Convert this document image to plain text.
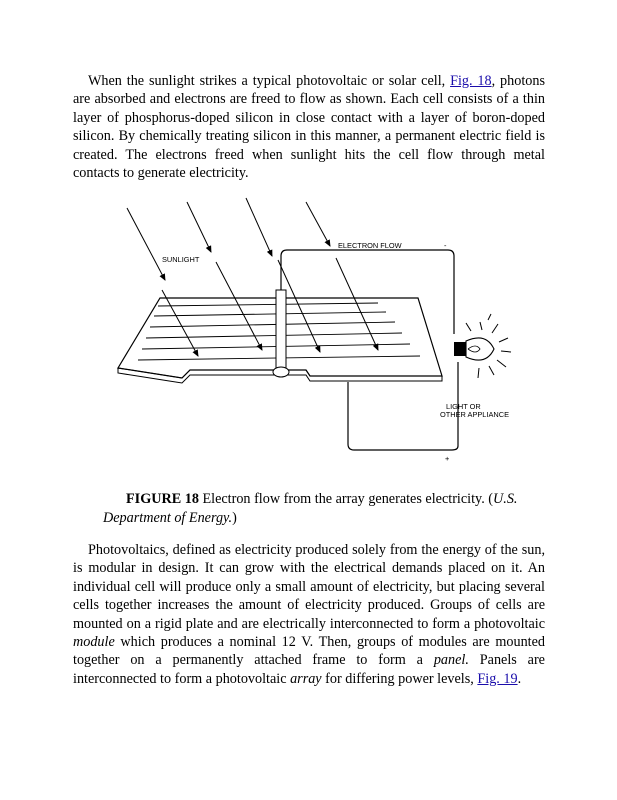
When the sunlight strikes a typical photovoltaic or solar cell, Fig. 18, photons are absorbed and electrons are freed to flow as shown. Each cell consists of a thin layer of phosphorus-doped silicon in close contact with a layer of boron-doped silicon. By chemically treating silicon in this manner, a permanent electric field is created. The electrons freed when sunlight hits the cell flow through metal contacts to generate electricity.

SUNLIGHT
ELECTRON FLOW	-
LIGHT OR
OTHER APPLIANCE
+

FIGURE 18 Electron flow from the array generates electricity. (U.S. Department of Energy.)

Photovoltaics, defined as electricity produced solely from the energy of the sun, is modular in design. It can grow with the electrical demands placed on it. An individual cell will produce only a small amount of electricity, but placing several cells together increases the amount of electricity produced. Groups of cells are mounted on a rigid plate and are electrically interconnected to form a photovoltaic module which produces a nominal 12 V. Then, groups of modules are mounted together on a permanently attached frame to form a panel. Panels are interconnected to form a photovoltaic array for differing power levels, Fig. 19.
